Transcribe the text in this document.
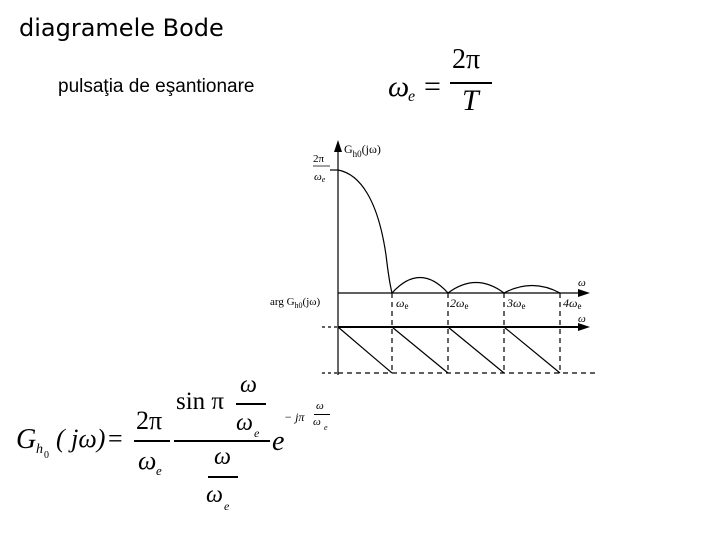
diagramele Bode
pulsaţia de eşantionare	ω
e =
2π
T
$G_{h0}(j\omega)$
2π
ωe
arg $G_{h0}(j\omega)$
ω
ω
ωe	2ωe	3ωe	4ωe
G h 0
( jω) =
2π
ω e
sin π
ω
ω e
ω
ω e
e
− jπ
ω
ω e
